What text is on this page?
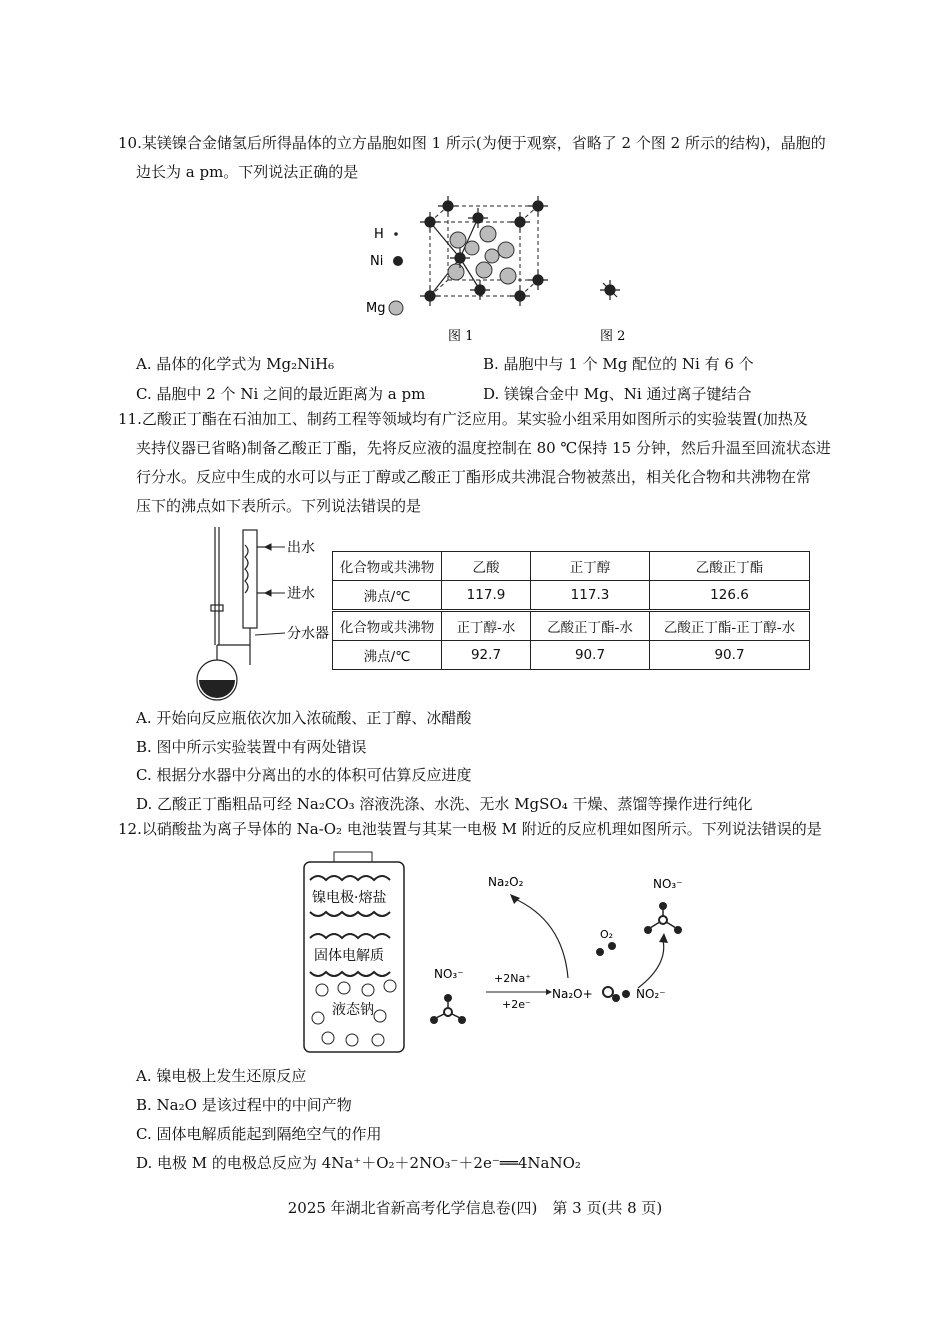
10.某镁镍合金储氢后所得晶体的立方晶胞如图 1 所示(为便于观察，省略了 2 个图 2 所示的结构)，晶胞的
边长为 a pm。下列说法正确的是
H
Ni
Mg
图 1	图 2
A. 晶体的化学式为 Mg₂NiH₆	B. 晶胞中与 1 个 Mg 配位的 Ni 有 6 个
C. 晶胞中 2 个 Ni 之间的最近距离为 a pm	D. 镁镍合金中 Mg、Ni 通过离子键结合
11.乙酸正丁酯在石油加工、制药工程等领域均有广泛应用。某实验小组采用如图所示的实验装置(加热及
夹持仪器已省略)制备乙酸正丁酯，先将反应液的温度控制在 80 ℃保持 15 分钟，然后升温至回流状态进
行分水。反应中生成的水可以与正丁醇或乙酸正丁酯形成共沸混合物被蒸出，相关化合物和共沸物在常
压下的沸点如下表所示。下列说法错误的是
出水
进水
分水器
化合物或共沸物	乙酸	正丁醇	乙酸正丁酯
沸点/℃	117.9	117.3	126.6
化合物或共沸物	正丁醇-水	乙酸正丁酯-水	乙酸正丁酯-正丁醇-水
沸点/℃	92.7	90.7	90.7
A. 开始向反应瓶依次加入浓硫酸、正丁醇、冰醋酸
B. 图中所示实验装置中有两处错误
C. 根据分水器中分离出的水的体积可估算反应进度
D. 乙酸正丁酯粗品可经 Na₂CO₃ 溶液洗涤、水洗、无水 MgSO₄ 干燥、蒸馏等操作进行纯化
12.以硝酸盐为离子导体的 Na-O₂ 电池装置与其某一电极 M 附近的反应机理如图所示。下列说法错误的是
镍电极·熔盐
固体电解质
液态钠
Na₂O₂	NO₃⁻
O₂
NO₃⁻	+2Na⁺
+2e⁻
Na₂O+	NO₂⁻
A. 镍电极上发生还原反应
B. Na₂O 是该过程中的中间产物
C. 固体电解质能起到隔绝空气的作用
D. 电极 M 的电极总反应为 4Na⁺＋O₂＋2NO₃⁻＋2e⁻══4NaNO₂
2025 年湖北省新高考化学信息卷(四)　第 3 页(共 8 页)
